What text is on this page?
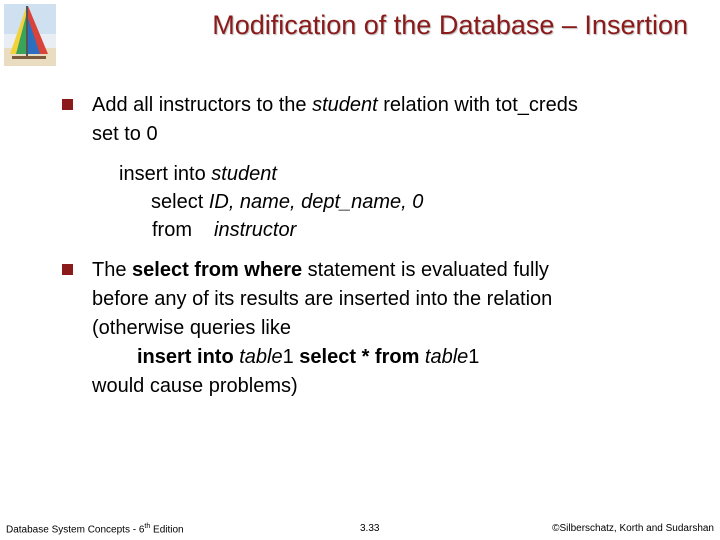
Modification of the Database – Insertion
Add all instructors to the student relation with tot_creds
set to 0
insert into student
select ID, name, dept_name, 0
from instructor
The select from where statement is evaluated fully
before any of its results are inserted into the relation
(otherwise queries like
insert into table1 select * from table1
would cause problems)
Database System Concepts - 6th Edition	3.33	©Silberschatz, Korth and Sudarshan
